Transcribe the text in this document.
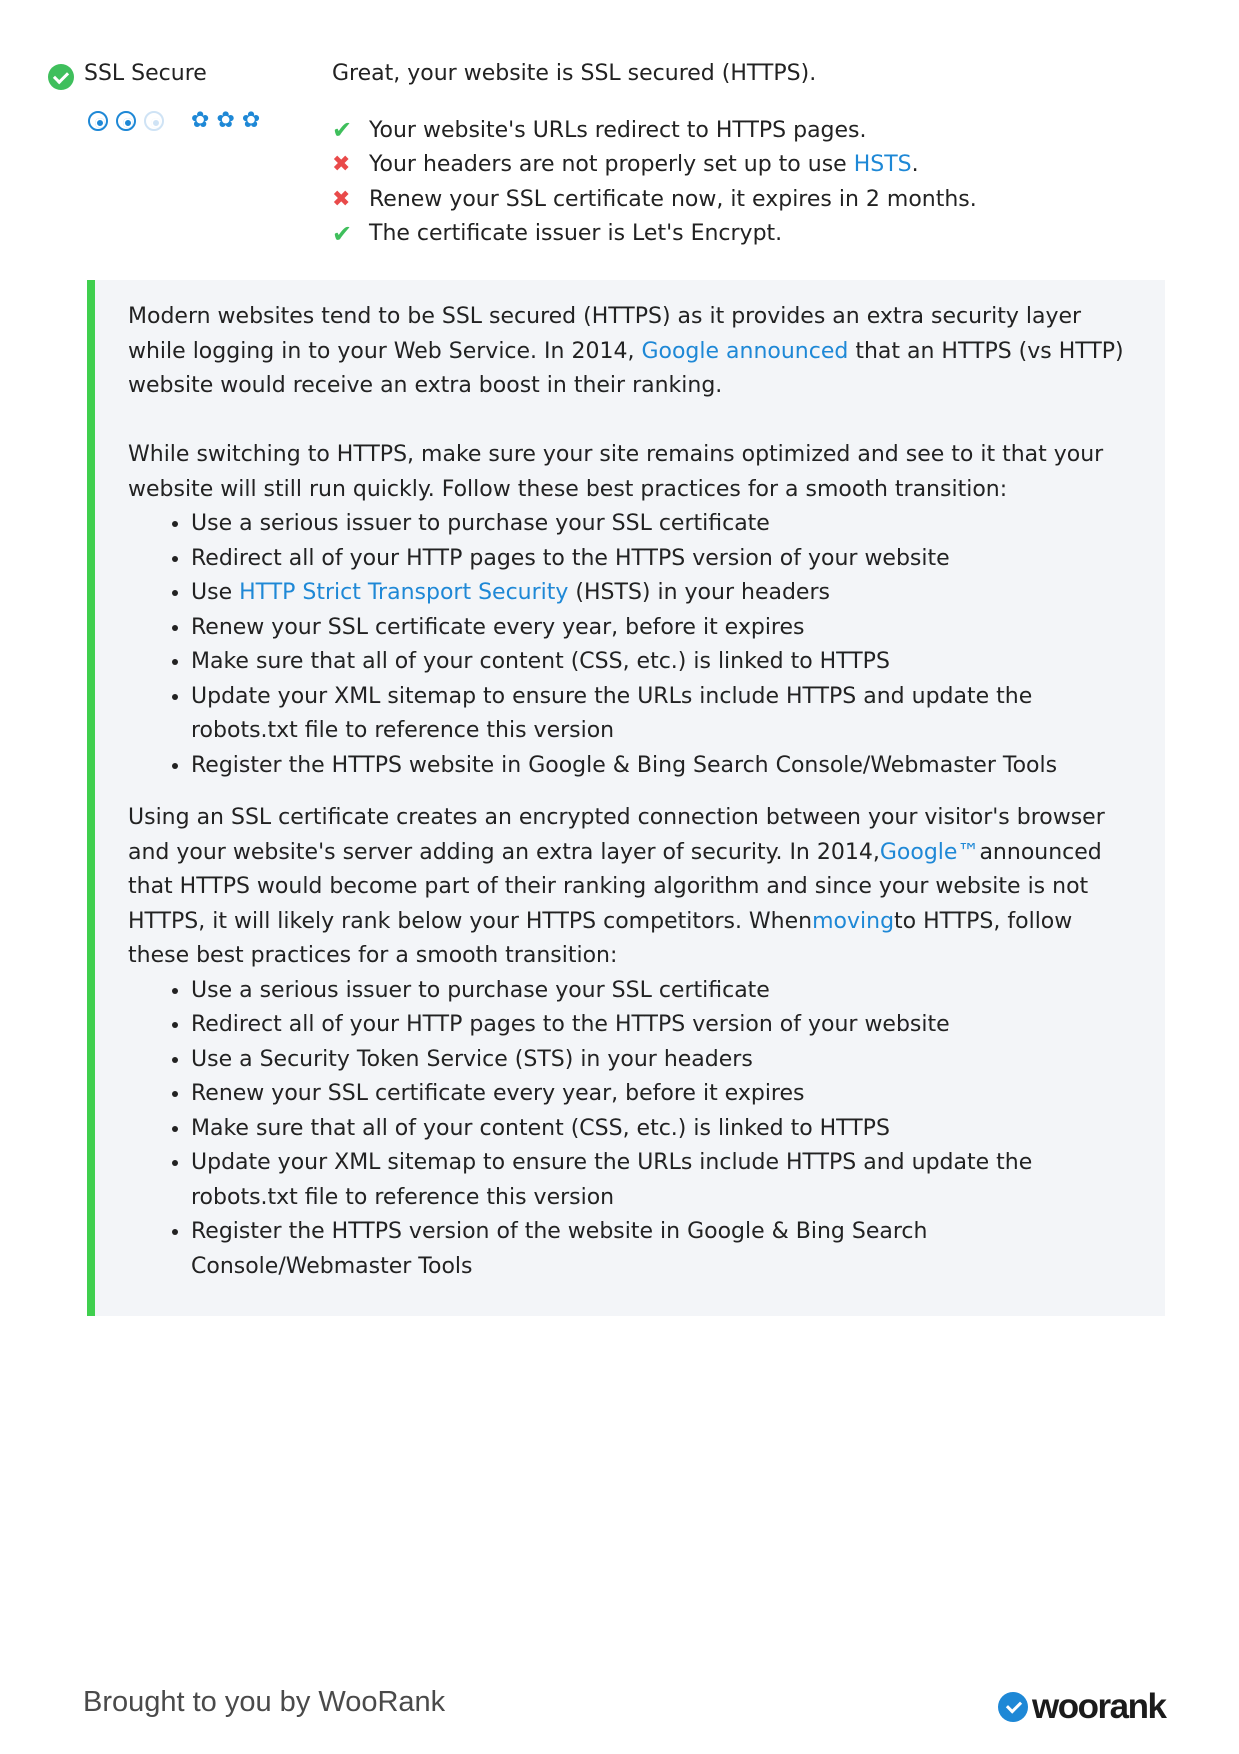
SSL Secure
✿ ✿ ✿
Great, your website is SSL secured (HTTPS).
✔ Your website's URLs redirect to HTTPS pages.
✖ Your headers are not properly set up to use HSTS.
✖ Renew your SSL certificate now, it expires in 2 months.
✔ The certificate issuer is Let's Encrypt.

Modern websites tend to be SSL secured (HTTPS) as it provides an extra security layer while logging in to your Web Service. In 2014, Google announced that an HTTPS (vs HTTP) website would receive an extra boost in their ranking.

While switching to HTTPS, make sure your site remains optimized and see to it that your website will still run quickly. Follow these best practices for a smooth transition:

• Use a serious issuer to purchase your SSL certificate
• Redirect all of your HTTP pages to the HTTPS version of your website
• Use HTTP Strict Transport Security (HSTS) in your headers
• Renew your SSL certificate every year, before it expires
• Make sure that all of your content (CSS, etc.) is linked to HTTPS
• Update your XML sitemap to ensure the URLs include HTTPS and update the robots.txt file to reference this version
• Register the HTTPS website in Google & Bing Search Console/Webmaster Tools

Using an SSL certificate creates an encrypted connection between your visitor's browser and your website's server adding an extra layer of security. In 2014,Google™announced that HTTPS would become part of their ranking algorithm and since your website is not HTTPS, it will likely rank below your HTTPS competitors. Whenmovingto HTTPS, follow these best practices for a smooth transition:

• Use a serious issuer to purchase your SSL certificate
• Redirect all of your HTTP pages to the HTTPS version of your website
• Use a Security Token Service (STS) in your headers
• Renew your SSL certificate every year, before it expires
• Make sure that all of your content (CSS, etc.) is linked to HTTPS
• Update your XML sitemap to ensure the URLs include HTTPS and update the robots.txt file to reference this version
• Register the HTTPS version of the website in Google & Bing Search Console/Webmaster Tools
Brought to you by WooRank	woorank
